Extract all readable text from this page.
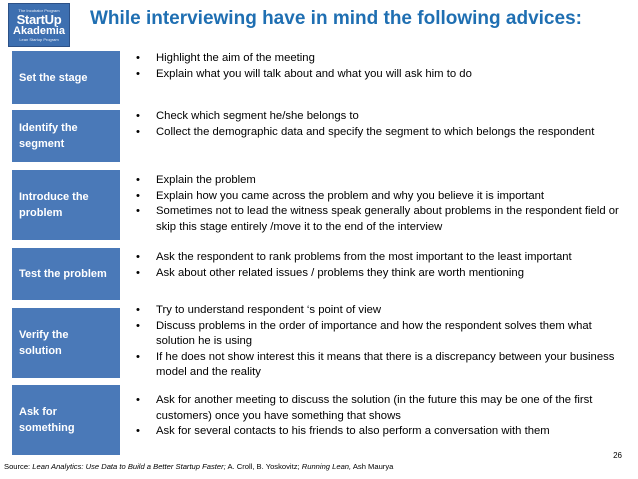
The Incubator Program
StartUp
Akademia
Lean Startup Program
While interviewing have in mind the following advices:
Set the stage
• Highlight the aim of the meeting
• Explain what you will talk about and what you will ask him to do
Identify the segment
• Check which segment he/she belongs to
• Collect the demographic data and specify the segment to which belongs the respondent
Introduce the problem
• Explain the problem
• Explain how you came across the problem and why you believe it is important
• Sometimes not to lead the witness speak generally about problems in the respondent field or skip this stage entirely /move it to the end of the interview
Test the problem
• Ask the respondent to rank problems from the most important to the least important
• Ask about other related issues / problems they think are worth mentioning
Verify the solution
• Try to understand respondent ‘s point of view
• Discuss problems in the order of importance and how the respondent solves them what solution he is using
• If he does not show interest this it means that there is a discrepancy between your business model and the reality
Ask for something
• Ask for another meeting to discuss the solution (in the future this may be one of the first customers) once you have something that shows
• Ask for several contacts to his friends to also perform a conversation with them
26
Source: Lean Analytics: Use Data to Build a Better Startup Faster; A. Croll, B. Yoskovitz; Running Lean, Ash Maurya
